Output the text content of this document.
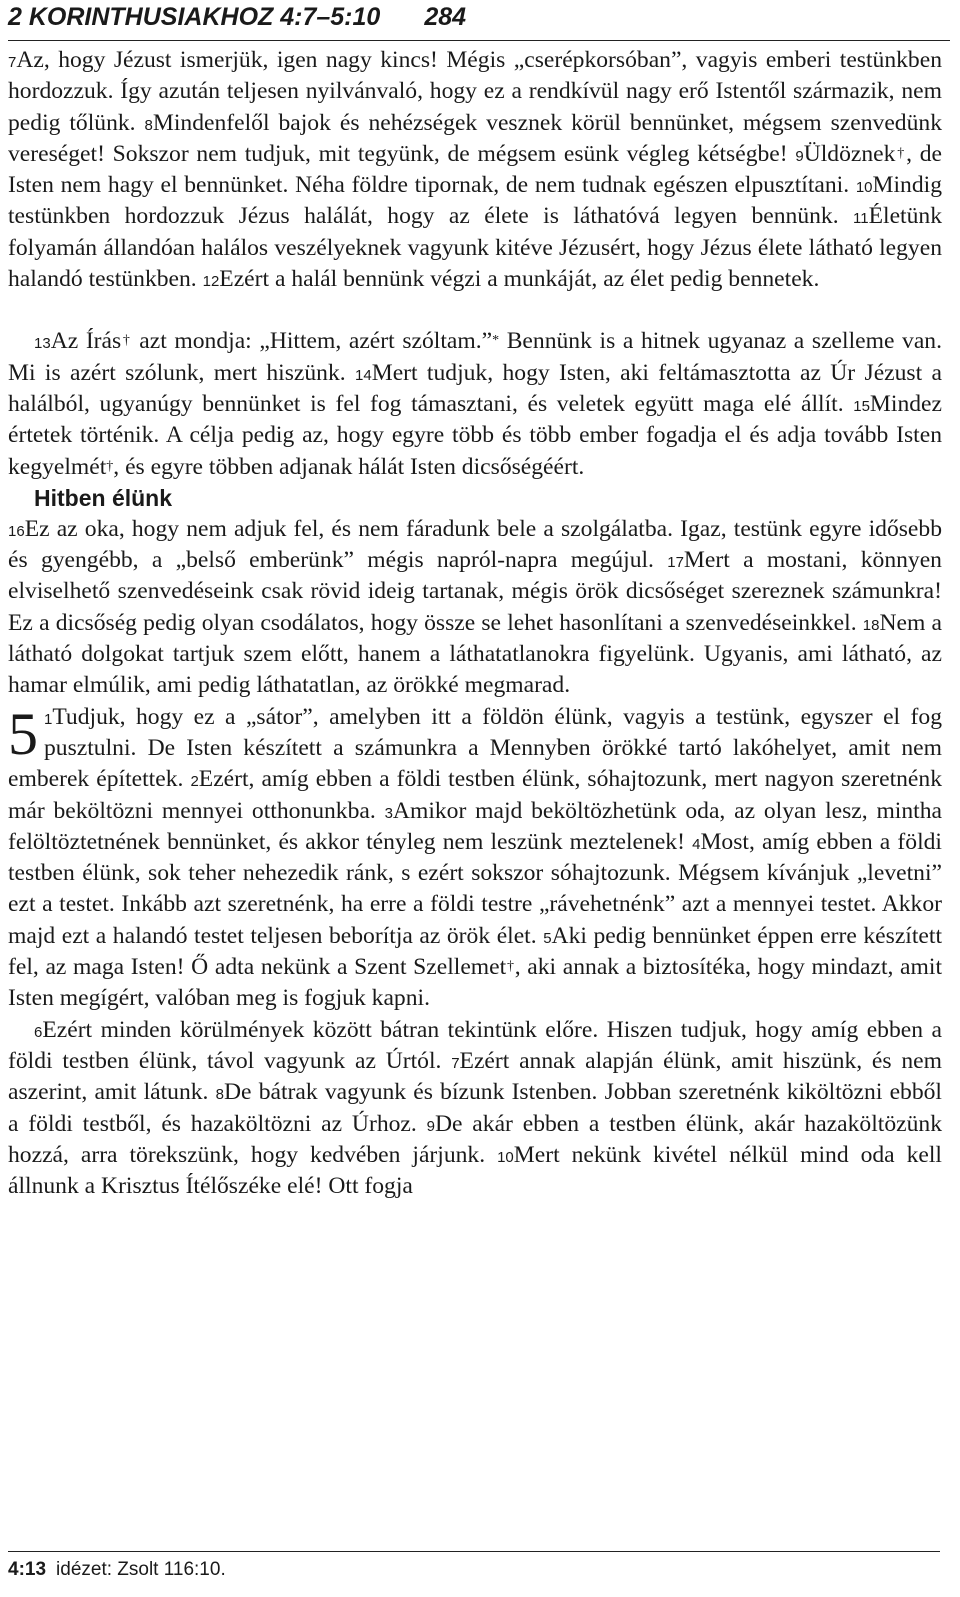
2 KORINTHUSIAKHOZ 4:7–5:10 284

$^7$Az, hogy Jézust ismerjük, igen nagy kincs! Mégis „cserépkorsóban”, vagyis emberi testünkben hordozzuk. Így azután teljesen nyilvánvaló, hogy ez a rendkívül nagy erő Istentől származik, nem pedig tőlünk. $^8$Mindenfelől bajok és nehézségek vesznek körül bennünket, mégsem szenvedünk vereséget! Sokszor nem tudjuk, mit tegyünk, de mégsem esünk végleg kétségbe! $^9$Üldöznek†, de Isten nem hagy el bennünket. Néha földre tipornak, de nem tudnak egészen elpusztítani. $^{10}$Mindig testünkben hordozzuk Jézus halálát, hogy az élete is láthatóvá legyen bennünk. $^{11}$Életünk folyamán állandóan halálos veszélyeknek vagyunk kitéve Jézusért, hogy Jézus élete látható legyen halandó testünkben. $^{12}$Ezért a halál bennünk végzi a munkáját, az élet pedig bennetek.

$^{13}$Az Írás† azt mondja: „Hittem, azért szóltam.”* Bennünk is a hitnek ugyanaz a szelleme van. Mi is azért szólunk, mert hiszünk. $^{14}$Mert tudjuk, hogy Isten, aki feltámasztotta az Úr Jézust a halálból, ugyanúgy bennünket is fel fog támasztani, és veletek együtt maga elé állít. $^{15}$Mindez értetek történik. A célja pedig az, hogy egyre több és több ember fogadja el és adja tovább Isten kegyelmét†, és egyre többen adjanak hálát Isten dicsőségéért.

Hitben élünk

$^{16}$Ez az oka, hogy nem adjuk fel, és nem fáradunk bele a szolgálatba. Igaz, testünk egyre idősebb és gyengébb, a „belső emberünk” mégis napról-napra megújul. $^{17}$Mert a mostani, könnyen elviselhető szenvedéseink csak rövid ideig tartanak, mégis örök dicsőséget szereznek számunkra! Ez a dicsőség pedig olyan csodálatos, hogy össze se lehet hasonlítani a szenvedéseinkkel. $^{18}$Nem a látható dolgokat tartjuk szem előtt, hanem a láthatatlanokra figyelünk. Ugyanis, ami látható, az hamar elmúlik, ami pedig láthatatlan, az örökké megmarad.

5 $^1$Tudjuk, hogy ez a „sátor”, amelyben itt a földön élünk, vagyis a testünk, egyszer el fog pusztulni. De Isten készített a számunkra a Mennyben örökké tartó lakóhelyet, amit nem emberek építettek. $^2$Ezért, amíg ebben a földi testben élünk, sóhajtozunk, mert nagyon szeretnénk már beköltözni mennyei otthonunkba. $^3$Amikor majd beköltözhetünk oda, az olyan lesz, mintha felöltöztetnének bennünket, és akkor tényleg nem leszünk meztelenek! $^4$Most, amíg ebben a földi testben élünk, sok teher nehezedik ránk, s ezért sokszor sóhajtozunk. Mégsem kívánjuk „levetni” ezt a testet. Inkább azt szeretnénk, ha erre a földi testre „rávehetnénk” azt a mennyei testet. Akkor majd ezt a halandó testet teljesen beborítja az örök élet. $^5$Aki pedig bennünket éppen erre készített fel, az maga Isten! Ő adta nekünk a Szent Szellemet†, aki annak a biztosítéka, hogy mindazt, amit Isten megígért, valóban meg is fogjuk kapni.

$^6$Ezért minden körülmények között bátran tekintünk előre. Hiszen tudjuk, hogy amíg ebben a földi testben élünk, távol vagyunk az Úrtól. $^7$Ezért annak alapján élünk, amit hiszünk, és nem aszerint, amit látunk. $^8$De bátrak vagyunk és bízunk Istenben. Jobban szeretnénk kiköltözni ebből a földi testből, és hazaköltözni az Úrhoz. $^9$De akár ebben a testben élünk, akár hazaköltözünk hozzá, arra törekszünk, hogy kedvében járjunk. $^{10}$Mert nekünk kivétel nélkül mind oda kell állnunk a Krisztus Ítélőszéke elé! Ott fogja

4:13 idézet: Zsolt 116:10.
